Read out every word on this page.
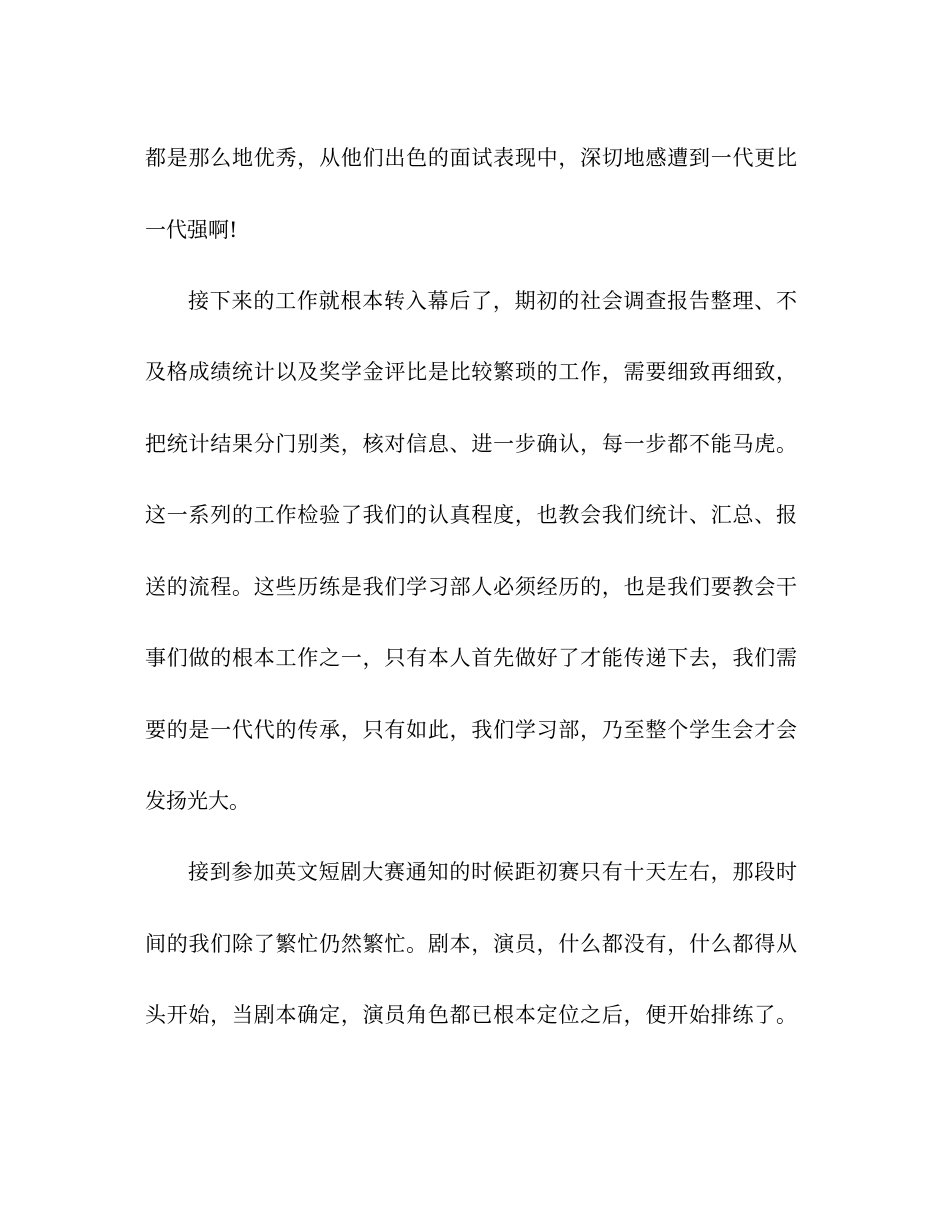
都是那么地优秀，从他们出色的面试表现中，深切地感遭到一代更比
一代强啊!
接下来的工作就根本转入幕后了，期初的社会调查报告整理、不
及格成绩统计以及奖学金评比是比较繁琐的工作，需要细致再细致，
把统计结果分门别类，核对信息、进一步确认，每一步都不能马虎。
这一系列的工作检验了我们的认真程度，也教会我们统计、汇总、报
送的流程。这些历练是我们学习部人必须经历的，也是我们要教会干
事们做的根本工作之一，只有本人首先做好了才能传递下去，我们需
要的是一代代的传承，只有如此，我们学习部，乃至整个学生会才会
发扬光大。
接到参加英文短剧大赛通知的时候距初赛只有十天左右，那段时
间的我们除了繁忙仍然繁忙。剧本，演员，什么都没有，什么都得从
头开始，当剧本确定，演员角色都已根本定位之后，便开始排练了。
